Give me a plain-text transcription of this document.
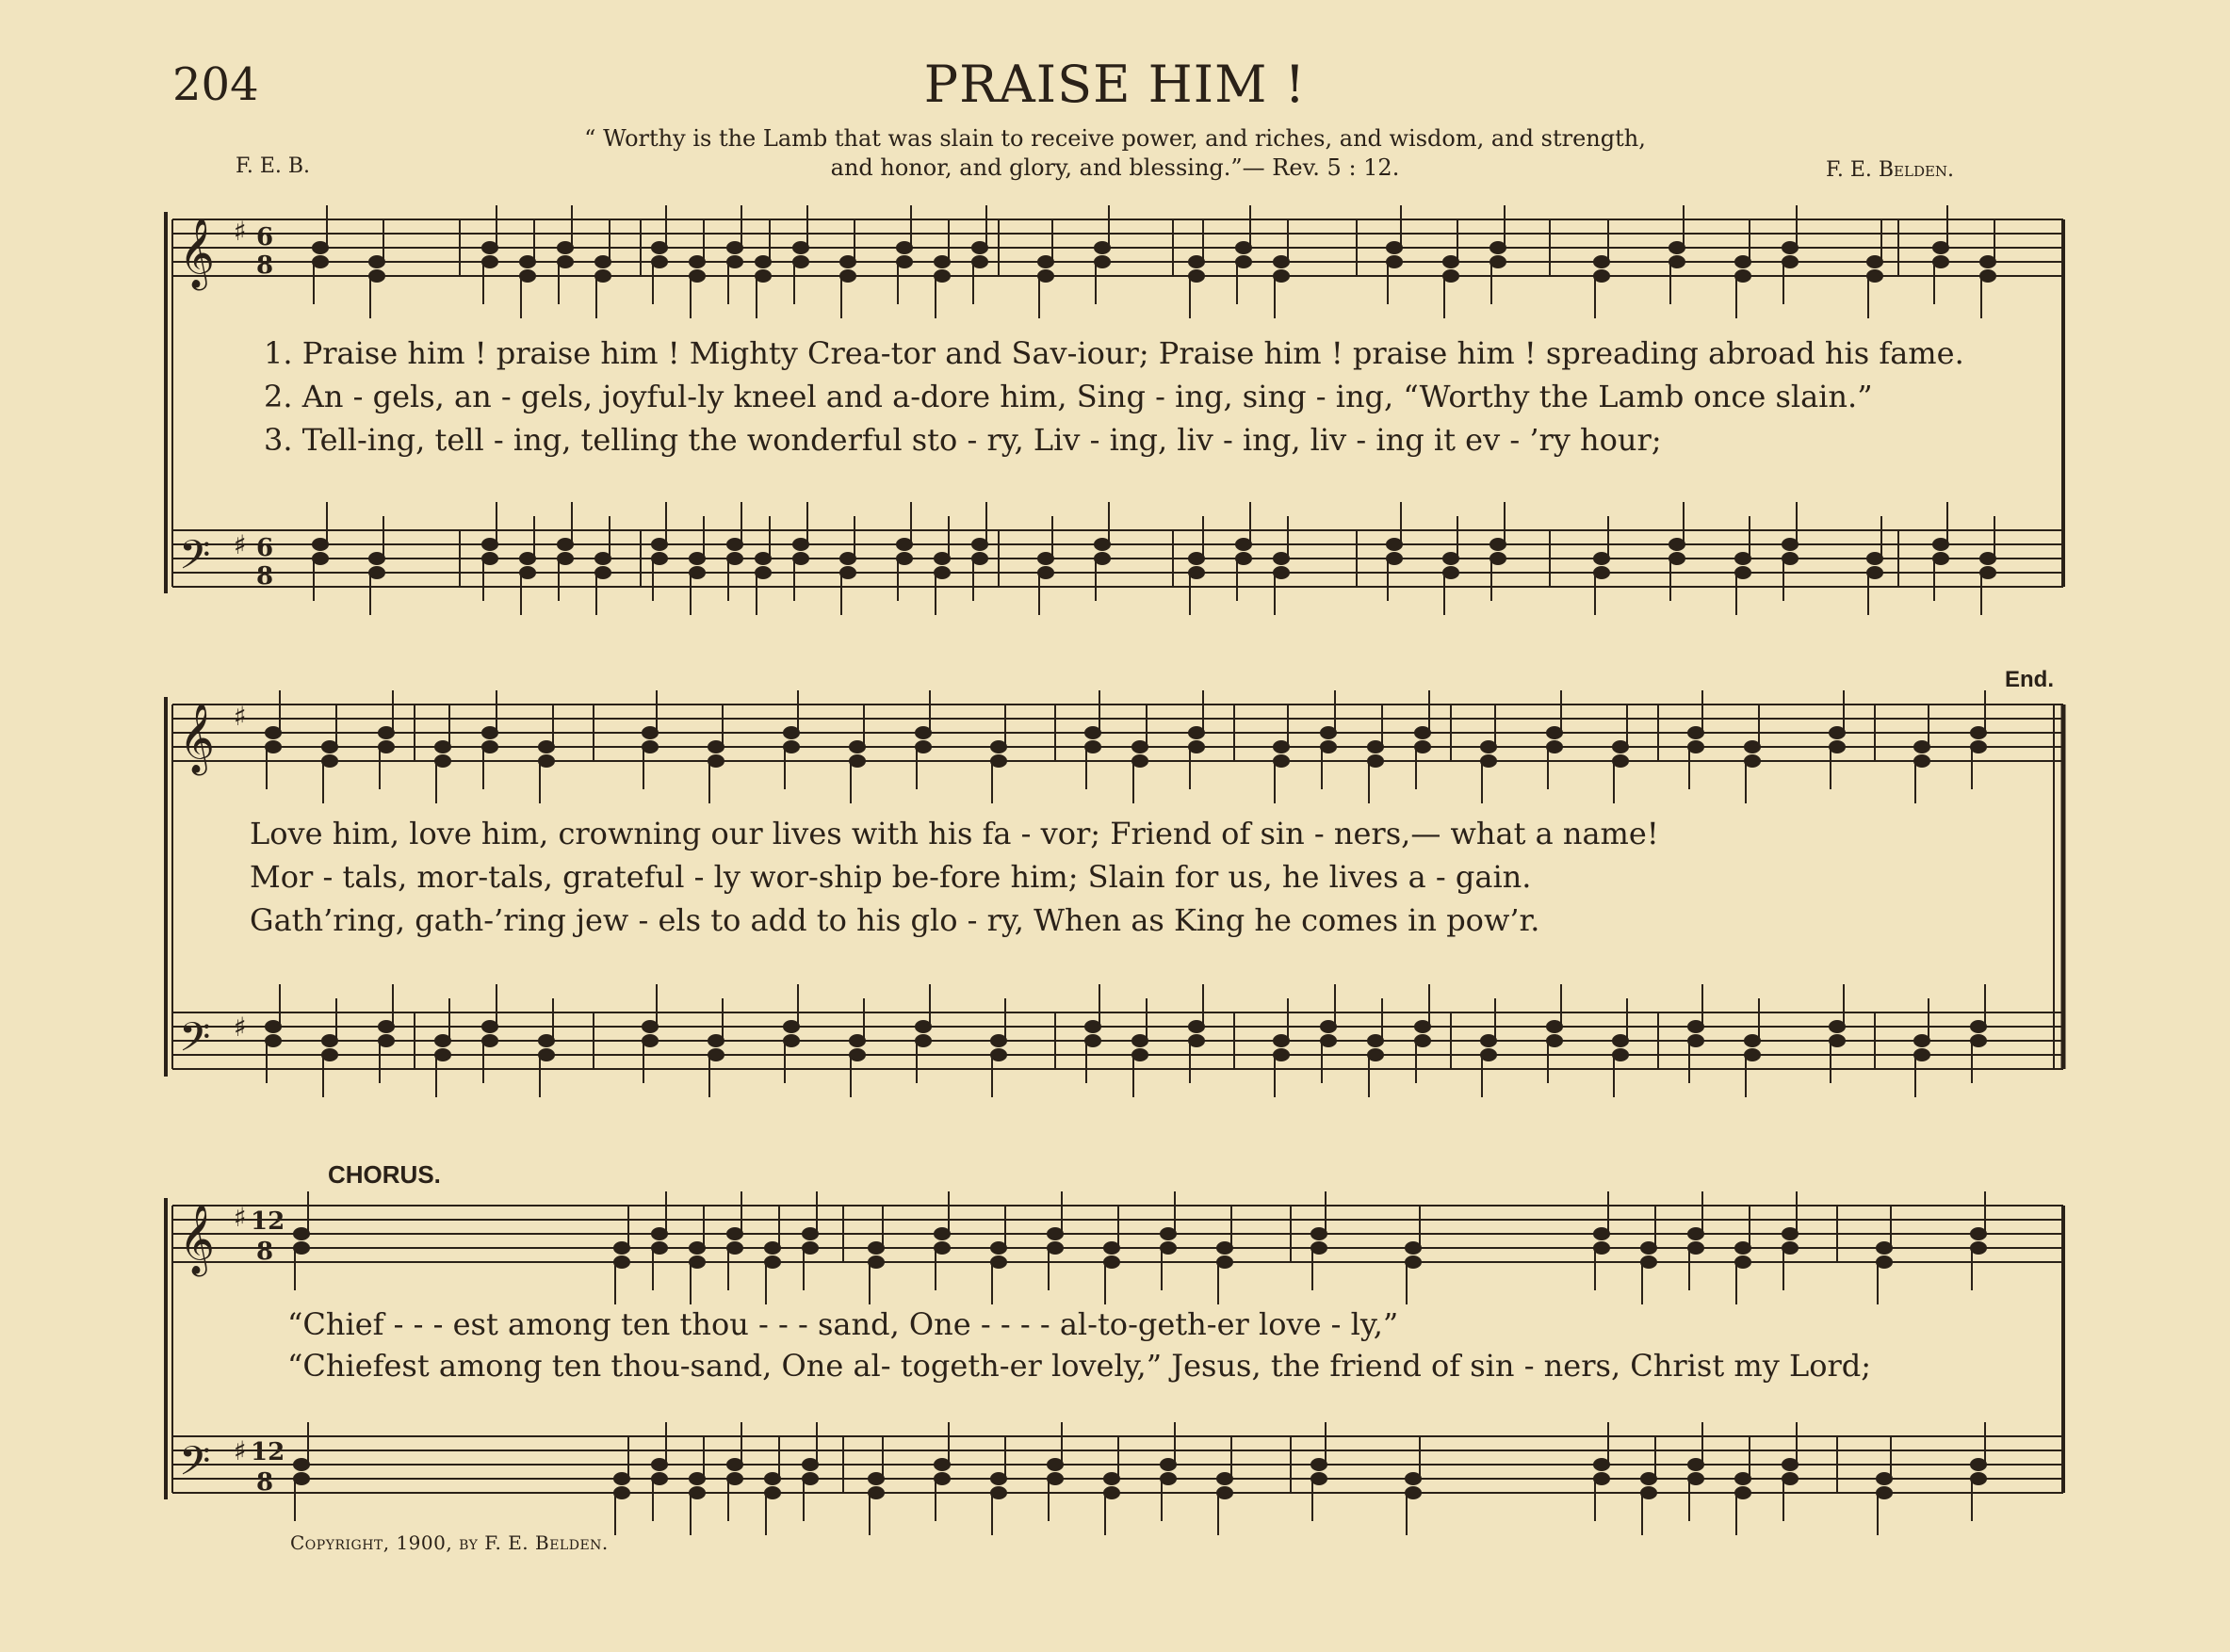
204	PRAISE HIM !
“ Worthy is the Lamb that was slain to receive power, and riches, and wisdom, and strength,
and honor, and glory, and blessing.”— Rev. 5 : 12.
F. E. B.	F. E. Belden.
𝄞
𝄢
𝄞
𝄢
𝄞
𝄢
♯
♯
♯
♯
♯
♯
6
8
6
8
12
8
12
8
1. Praise him ! praise him ! Mighty Crea-tor and Sav-iour; Praise him ! praise him ! spreading abroad his fame.
2. An - gels, an - gels, joyful-ly kneel and a-dore him, Sing - ing, sing - ing, “Worthy the Lamb once slain.”
3. Tell-ing, tell - ing, telling the wonderful sto - ry, Liv - ing, liv - ing, liv - ing it ev - ’ry hour;
Love him, love him, crowning our lives with his fa - vor; Friend of sin - ners,— what a name!
Mor - tals, mor-tals, grateful - ly wor-ship be-fore him; Slain for us, he lives a - gain.
Gath’ring, gath-’ring jew - els to add to his glo - ry, When as King he comes in pow’r.
End.
CHORUS.
“Chief - - - est among ten thou - - - sand, One - - - - al-to-geth-er love - ly,”
“Chiefest among ten thou-sand, One al- togeth-er lovely,” Jesus, the friend of sin - ners, Christ my Lord;
Copyright, 1900, by F. E. Belden.
